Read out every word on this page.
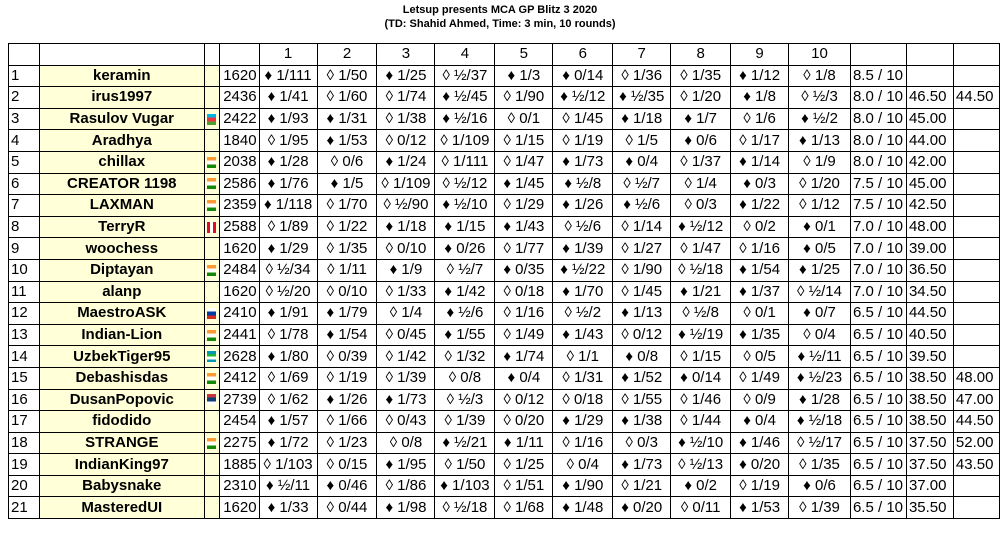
Letsup presents MCA GP Blitz 3 2020
(TD: Shahid Ahmed, Time: 3 min, 10 rounds)
				1	2	3	4	5	6	7	8	9	10			
1	keramin		1620	♦ 1/111	◊ 1/50	♦ 1/25	◊ ½/37	♦ 1/3	♦ 0/14	◊ 1/36	◊ 1/35	♦ 1/12	◊ 1/8	8.5 / 10		
2	irus1997		2436	♦ 1/41	◊ 1/60	◊ 1/74	♦ ½/45	◊ 1/90	♦ ½/12	♦ ½/35	◊ 1/20	♦ 1/8	◊ ½/3	8.0 / 10	46.50	44.50
3	Rasulov Vugar		2422	♦ 1/93	♦ 1/31	◊ 1/38	♦ ½/16	◊ 0/1	◊ 1/45	♦ 1/18	♦ 1/7	◊ 1/6	♦ ½/2	8.0 / 10	45.00	
4	Aradhya		1840	◊ 1/95	♦ 1/53	◊ 0/12	◊ 1/109	◊ 1/15	◊ 1/19	◊ 1/5	♦ 0/6	◊ 1/17	♦ 1/13	8.0 / 10	44.00	
5	chillax		2038	♦ 1/28	◊ 0/6	♦ 1/24	◊ 1/111	◊ 1/47	♦ 1/73	♦ 0/4	◊ 1/37	♦ 1/14	◊ 1/9	8.0 / 10	42.00	
6	CREATOR 1198		2586	♦ 1/76	♦ 1/5	◊ 1/109	◊ ½/12	♦ 1/45	♦ ½/8	◊ ½/7	◊ 1/4	♦ 0/3	◊ 1/20	7.5 / 10	45.00	
7	LAXMAN		2359	♦ 1/118	◊ 1/70	◊ ½/90	♦ ½/10	◊ 1/29	♦ 1/26	♦ ½/6	◊ 0/3	♦ 1/22	◊ 1/12	7.5 / 10	42.50	
8	TerryR		2588	◊ 1/89	◊ 1/22	♦ 1/18	♦ 1/15	♦ 1/43	◊ ½/6	◊ 1/14	♦ ½/12	◊ 0/2	♦ 0/1	7.0 / 10	48.00	
9	woochess		1620	♦ 1/29	◊ 1/35	◊ 0/10	♦ 0/26	◊ 1/77	♦ 1/39	◊ 1/27	◊ 1/47	◊ 1/16	♦ 0/5	7.0 / 10	39.00	
10	Diptayan		2484	◊ ½/34	◊ 1/11	♦ 1/9	◊ ½/7	♦ 0/35	♦ ½/22	◊ 1/90	◊ ½/18	♦ 1/54	♦ 1/25	7.0 / 10	36.50	
11	alanp		1620	◊ ½/20	◊ 0/10	◊ 1/33	♦ 1/42	◊ 0/18	♦ 1/70	◊ 1/45	♦ 1/21	♦ 1/37	◊ ½/14	7.0 / 10	34.50	
12	MaestroASK		2410	♦ 1/91	♦ 1/79	◊ 1/4	♦ ½/6	◊ 1/16	◊ ½/2	♦ 1/13	◊ ½/8	◊ 0/1	♦ 0/7	6.5 / 10	44.50	
13	Indian-Lion		2441	◊ 1/78	♦ 1/54	◊ 0/45	♦ 1/55	◊ 1/49	♦ 1/43	◊ 0/12	♦ ½/19	♦ 1/35	◊ 0/4	6.5 / 10	40.50	
14	UzbekTiger95		2628	♦ 1/80	◊ 0/39	◊ 1/42	◊ 1/32	♦ 1/74	◊ 1/1	♦ 0/8	◊ 1/15	◊ 0/5	♦ ½/11	6.5 / 10	39.50	
15	Debashisdas		2412	◊ 1/69	◊ 1/19	◊ 1/39	◊ 0/8	♦ 0/4	◊ 1/31	♦ 1/52	♦ 0/14	◊ 1/49	♦ ½/23	6.5 / 10	38.50	48.00
16	DusanPopovic		2739	◊ 1/62	♦ 1/26	♦ 1/73	◊ ½/3	◊ 0/12	◊ 0/18	◊ 1/55	◊ 1/46	◊ 0/9	♦ 1/28	6.5 / 10	38.50	47.00
17	fidodido		2454	♦ 1/57	◊ 1/66	◊ 0/43	◊ 1/39	◊ 0/20	♦ 1/29	♦ 1/38	◊ 1/44	♦ 0/4	♦ ½/18	6.5 / 10	38.50	44.50
18	STRANGE		2275	♦ 1/72	◊ 1/23	◊ 0/8	♦ ½/21	♦ 1/11	◊ 1/16	◊ 0/3	♦ ½/10	♦ 1/46	◊ ½/17	6.5 / 10	37.50	52.00
19	IndianKing97		1885	◊ 1/103	◊ 0/15	♦ 1/95	◊ 1/50	◊ 1/25	◊ 0/4	♦ 1/73	◊ ½/13	♦ 0/20	◊ 1/35	6.5 / 10	37.50	43.50
20	Babysnake		2310	♦ ½/11	♦ 0/46	◊ 1/86	♦ 1/103	◊ 1/51	♦ 1/90	◊ 1/21	♦ 0/2	◊ 1/19	♦ 0/6	6.5 / 10	37.00	
21	MasteredUI		1620	♦ 1/33	◊ 0/44	♦ 1/98	◊ ½/18	◊ 1/68	♦ 1/48	♦ 0/20	◊ 0/11	♦ 1/53	◊ 1/39	6.5 / 10	35.50	
